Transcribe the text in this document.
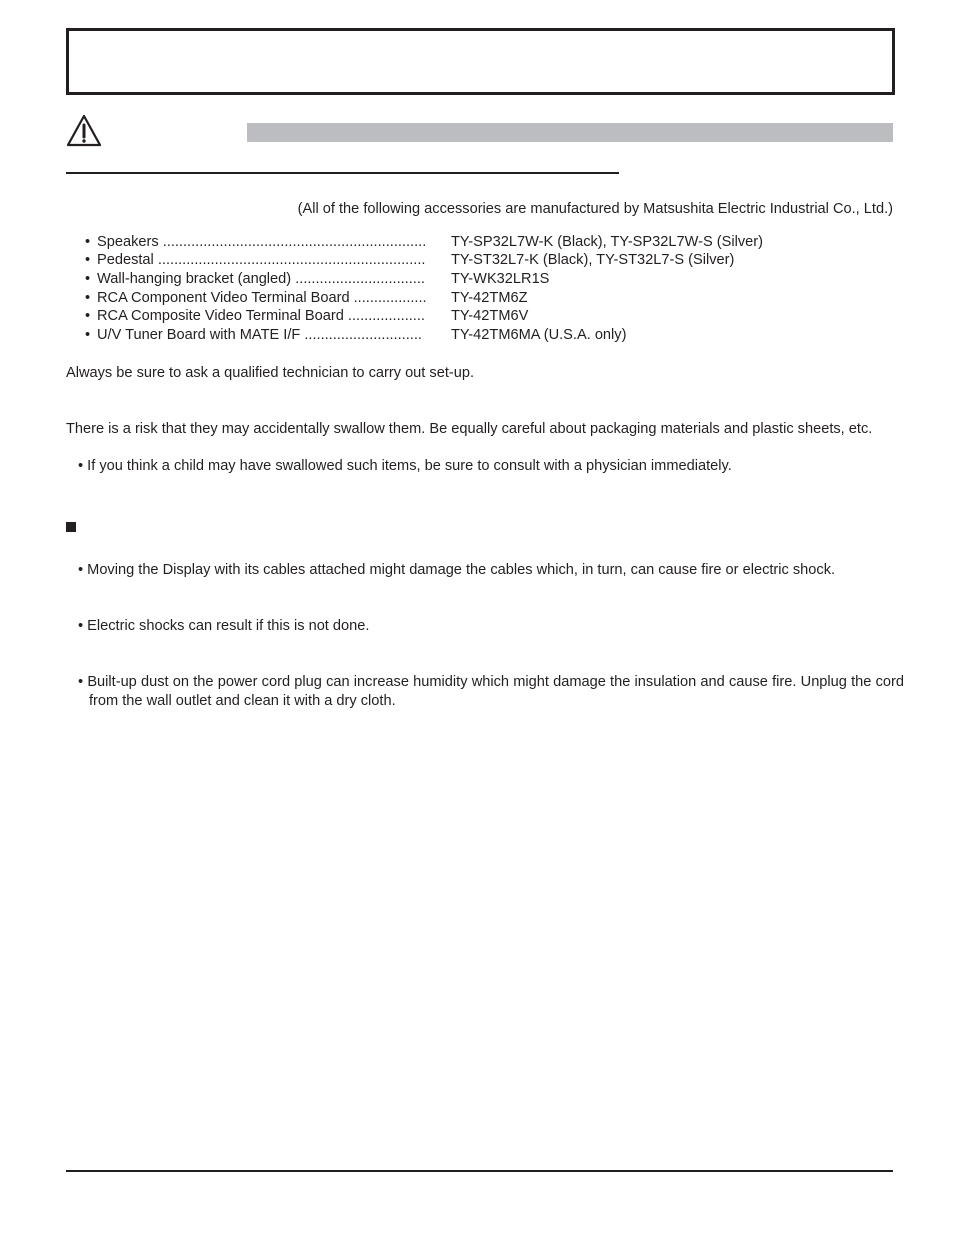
(All of the following accessories are manufactured by Matsushita Electric Industrial Co., Ltd.)
• Speakers .................................................................	TY-SP32L7W-K (Black), TY-SP32L7W-S (Silver)
• Pedestal ..................................................................	TY-ST32L7-K (Black), TY-ST32L7-S (Silver)
• Wall-hanging bracket (angled) ................................	TY-WK32LR1S
• RCA Component Video Terminal Board ..................	TY-42TM6Z
• RCA Composite Video Terminal Board ...................	TY-42TM6V
• U/V Tuner Board with MATE I/F .............................	TY-42TM6MA (U.S.A. only)
Always be sure to ask a qualified technician to carry out set-up.
There is a risk that they may accidentally swallow them. Be equally careful about packaging materials and plastic sheets, etc.
• If you think a child may have swallowed such items, be sure to consult with a physician immediately.
• Moving the Display with its cables attached might damage the cables which, in turn, can cause fire or electric shock.
• Electric shocks can result if this is not done.
• Built-up dust on the power cord plug can increase humidity which might damage the insulation and cause fire. Unplug the cord from the wall outlet and clean it with a dry cloth.
